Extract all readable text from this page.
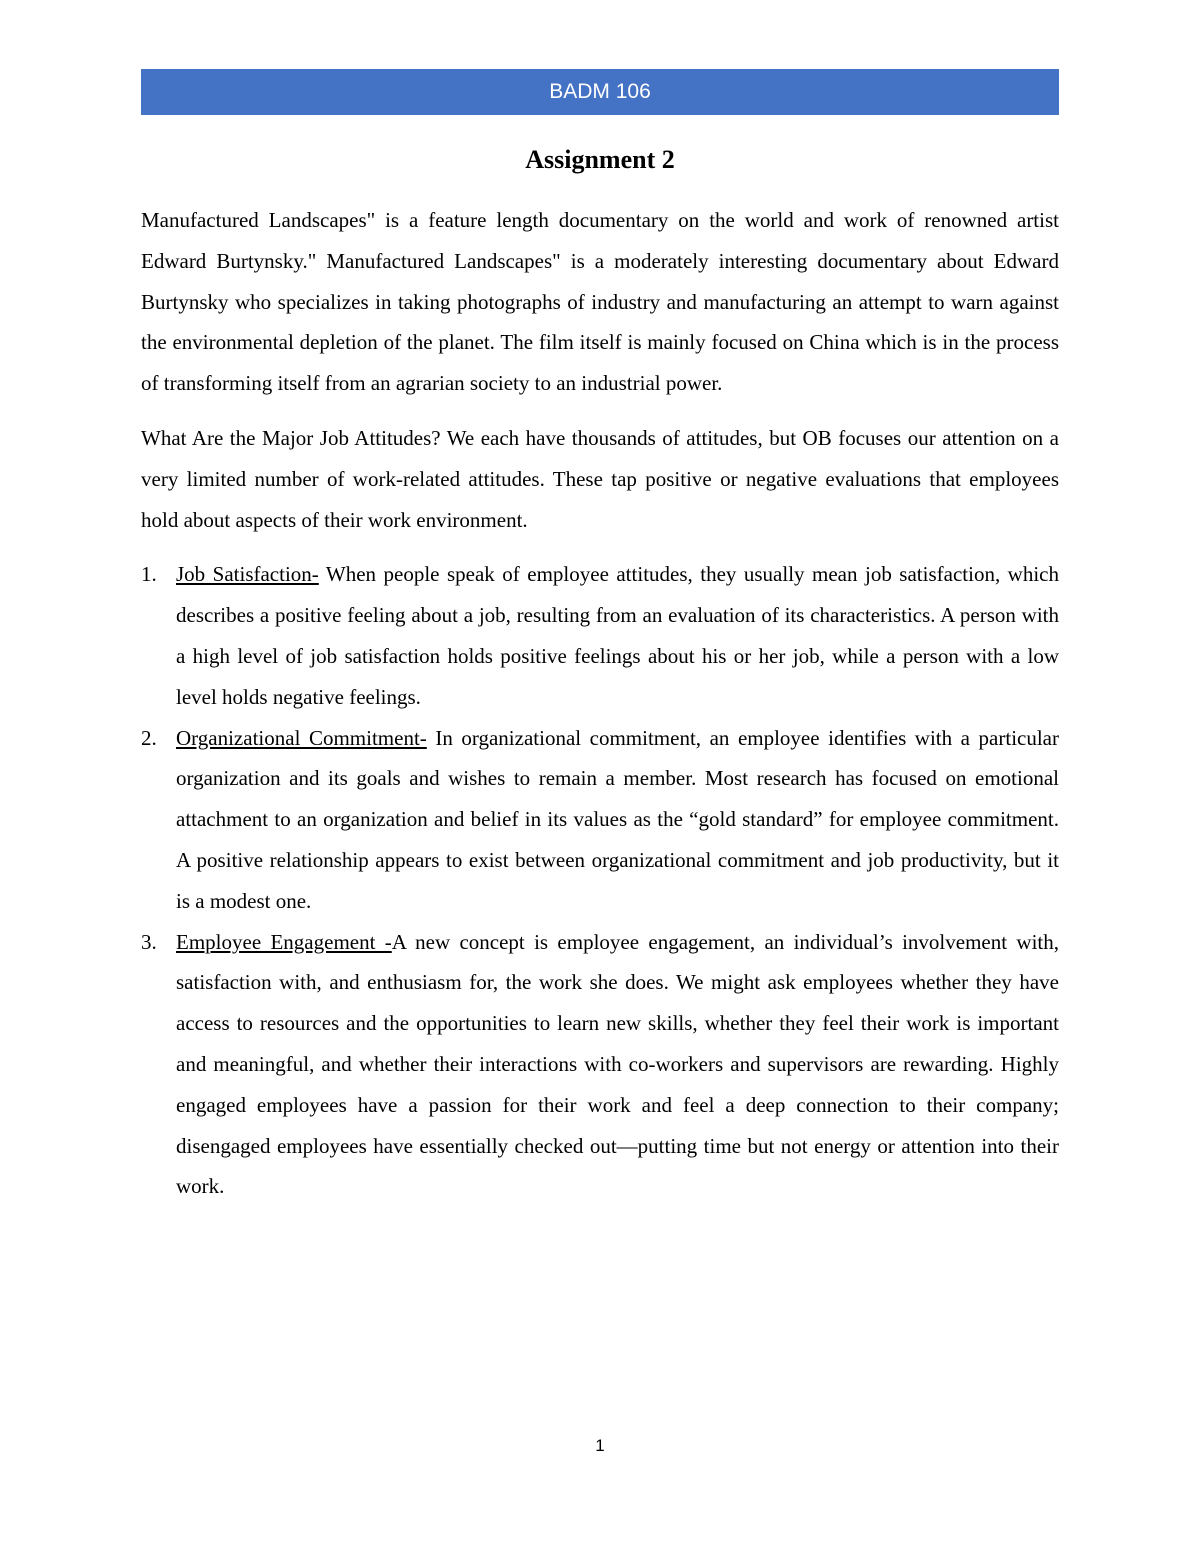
BADM 106
Assignment 2

Manufactured Landscapes" is a feature length documentary on the world and work of renowned artist Edward Burtynsky." Manufactured Landscapes" is a moderately interesting documentary about Edward Burtynsky who specializes in taking photographs of industry and manufacturing an attempt to warn against the environmental depletion of the planet. The film itself is mainly focused on China which is in the process of transforming itself from an agrarian society to an industrial power.

What Are the Major Job Attitudes? We each have thousands of attitudes, but OB focuses our attention on a very limited number of work-related attitudes. These tap positive or negative evaluations that employees hold about aspects of their work environment.

1. Job Satisfaction- When people speak of employee attitudes, they usually mean job satisfaction, which describes a positive feeling about a job, resulting from an evaluation of its characteristics. A person with a high level of job satisfaction holds positive feelings about his or her job, while a person with a low level holds negative feelings.
2. Organizational Commitment- In organizational commitment, an employee identifies with a particular organization and its goals and wishes to remain a member. Most research has focused on emotional attachment to an organization and belief in its values as the “gold standard” for employee commitment. A positive relationship appears to exist between organizational commitment and job productivity, but it is a modest one.
3. Employee Engagement -A new concept is employee engagement, an individual’s involvement with, satisfaction with, and enthusiasm for, the work she does. We might ask employees whether they have access to resources and the opportunities to learn new skills, whether they feel their work is important and meaningful, and whether their interactions with co-workers and supervisors are rewarding. Highly engaged employees have a passion for their work and feel a deep connection to their company; disengaged employees have essentially checked out—putting time but not energy or attention into their work.
1
